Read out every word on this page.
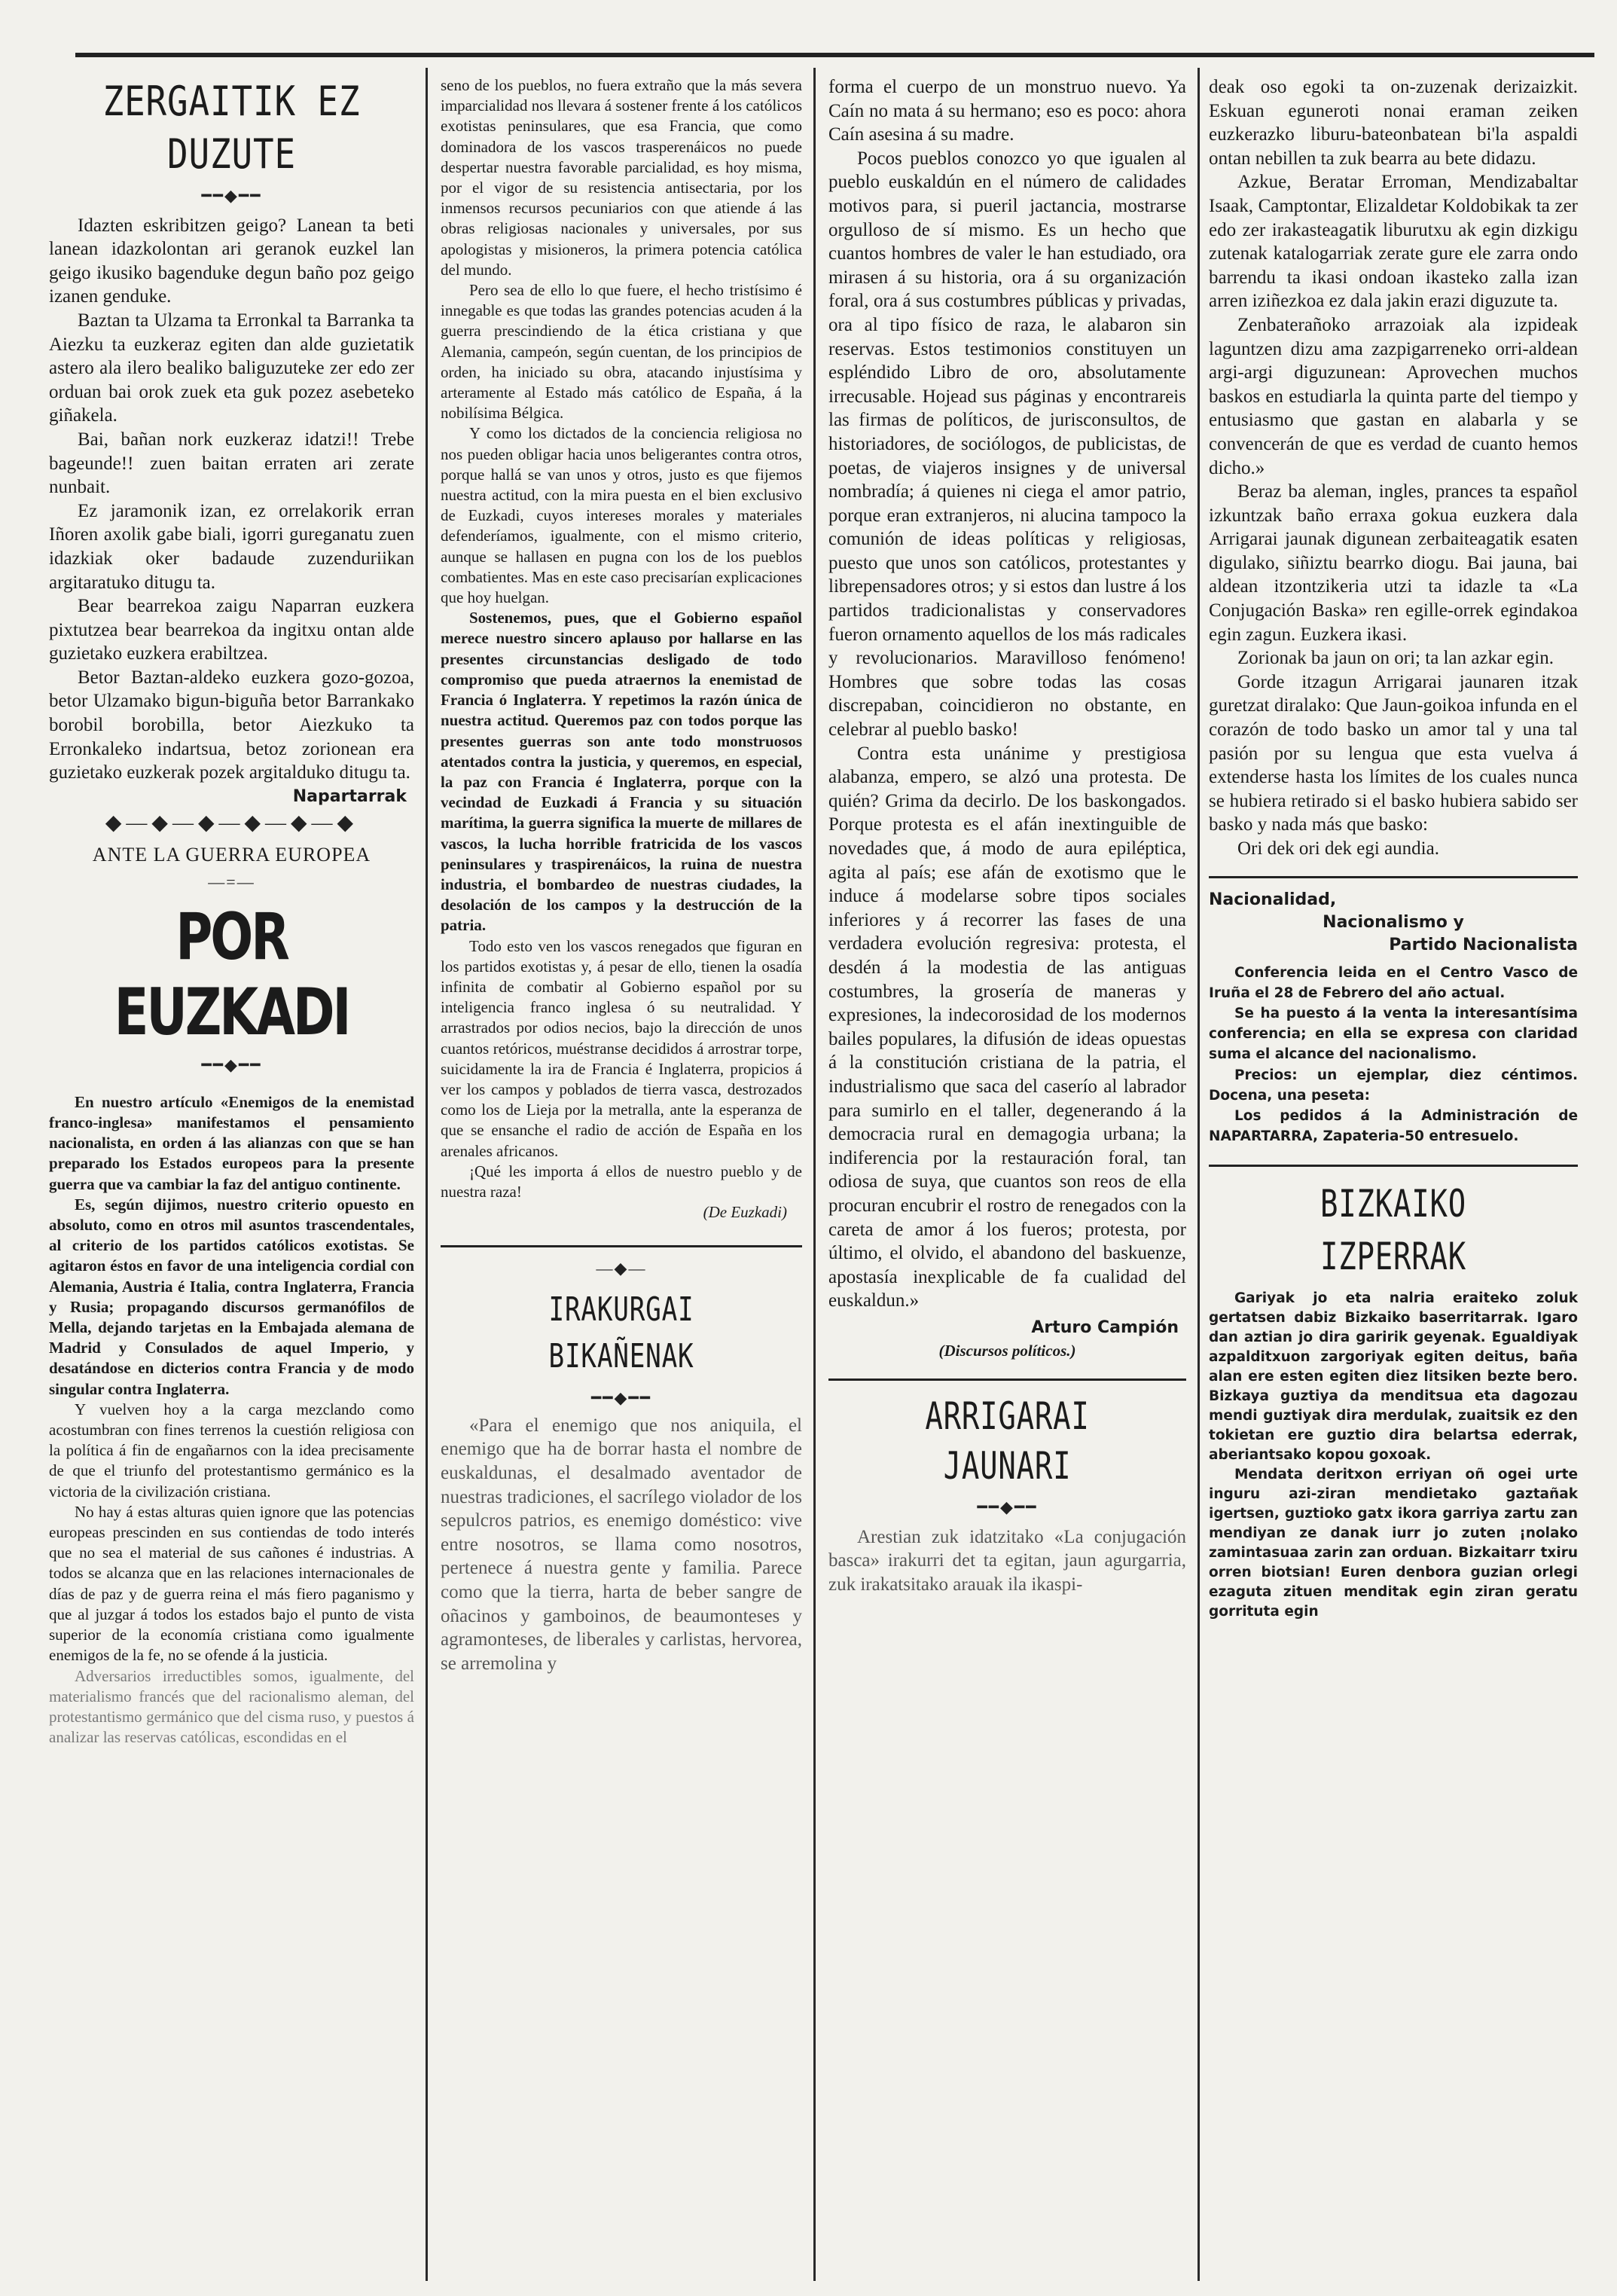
ZERGAITIK EZ DUZUTE
━━◆━━

Idazten eskribitzen geigo? Lanean ta beti lanean idazkolontan ari geranok euzkel lan geigo ikusiko bagenduke degun baño poz geigo izanen genduke.

Baztan ta Ulzama ta Erronkal ta Barranka ta Aiezku ta euzkeraz egiten dan alde guzietatik astero ala ilero bealiko baliguzuteke zer edo zer orduan bai orok zuek eta guk pozez asebeteko giñakela.

Bai, bañan nork euzkeraz idatzi!! Trebe bageunde!! zuen baitan erraten ari zerate nunbait.

Ez jaramonik izan, ez orrelakorik erran Iñoren axolik gabe biali, igorri gureganatu zuen idazkiak oker badaude zuzenduriikan argitaratuko ditugu ta.

Bear bearrekoa zaigu Naparran euzkera pixtutzea bear bearrekoa da ingitxu ontan alde guzietako euzkera erabiltzea.

Betor Baztan-aldeko euzkera gozo-gozoa, betor Ulzamako bigun-biguña betor Barrankako borobil borobilla, betor Aiezkuko ta Erronkaleko indartsua, betoz zorionean era guzietako euzkerak pozek argitalduko ditugu ta.

Napartarrak
◆—◆—◆—◆—◆—◆
ANTE LA GUERRA EUROPEA
—=—
POR EUZKADI
━━◆━━

En nuestro artículo «Enemigos de la enemistad franco-inglesa» manifestamos el pensamiento nacionalista, en orden á las alianzas con que se han preparado los Estados europeos para la presente guerra que va cambiar la faz del antiguo continente.

Es, según dijimos, nuestro criterio opuesto en absoluto, como en otros mil asuntos trascendentales, al criterio de los partidos católicos exotistas. Se agitaron éstos en favor de una inteligencia cordial con Alemania, Austria é Italia, contra Inglaterra, Francia y Rusia; propagando discursos germanófilos de Mella, dejando tarjetas en la Embajada alemana de Madrid y Consulados de aquel Imperio, y desatándose en dicterios contra Francia y de modo singular contra Inglaterra.

Y vuelven hoy a la carga mezclando como acostumbran con fines terrenos la cuestión religiosa con la política á fin de engañarnos con la idea precisamente de que el triunfo del protestantismo germánico es la victoria de la civilización cristiana.

No hay á estas alturas quien ignore que las potencias europeas prescinden en sus contiendas de todo interés que no sea el material de sus cañones é industrias. A todos se alcanza que en las relaciones internacionales de días de paz y de guerra reina el más fiero paganismo y que al juzgar á todos los estados bajo el punto de vista superior de la economía cristiana como igualmente enemigos de la fe, no se ofende á la justicia.

Adversarios irreductibles somos, igualmente, del materialismo francés que del racionalismo aleman, del protestantismo germánico que del cisma ruso, y puestos á analizar las reservas católicas, escondidas en el

seno de los pueblos, no fuera extraño que la más severa imparcialidad nos llevara á sostener frente á los católicos exotistas peninsulares, que esa Francia, que como dominadora de los vascos trasperenáicos no puede despertar nuestra favorable parcialidad, es hoy misma, por el vigor de su resistencia antisectaria, por los inmensos recursos pecuniarios con que atiende á las obras religiosas nacionales y universales, por sus apologistas y misioneros, la primera potencia católica del mundo.

Pero sea de ello lo que fuere, el hecho tristísimo é innegable es que todas las grandes potencias acuden á la guerra prescindiendo de la ética cristiana y que Alemania, campeón, según cuentan, de los principios de orden, ha iniciado su obra, atacando injustísima y arteramente al Estado más católico de España, á la nobilísima Bélgica.

Y como los dictados de la conciencia religiosa no nos pueden obligar hacia unos beligerantes contra otros, porque hallá se van unos y otros, justo es que fijemos nuestra actitud, con la mira puesta en el bien exclusivo de Euzkadi, cuyos intereses morales y materiales defenderíamos, igualmente, con el mismo criterio, aunque se hallasen en pugna con los de los pueblos combatientes. Mas en este caso precisarían explicaciones que hoy huelgan.

Sostenemos, pues, que el Gobierno español merece nuestro sincero aplauso por hallarse en las presentes circunstancias desligado de todo compromiso que pueda atraernos la enemistad de Francia ó Inglaterra. Y repetimos la razón única de nuestra actitud. Queremos paz con todos porque las presentes guerras son ante todo monstruosos atentados contra la justicia, y queremos, en especial, la paz con Francia é Inglaterra, porque con la vecindad de Euzkadi á Francia y su situación marítima, la guerra significa la muerte de millares de vascos, la lucha horrible fratricida de los vascos peninsulares y traspirenáicos, la ruina de nuestra industria, el bombardeo de nuestras ciudades, la desolación de los campos y la destrucción de la patria.

Todo esto ven los vascos renegados que figuran en los partidos exotistas y, á pesar de ello, tienen la osadía infinita de combatir al Gobierno español por su inteligencia franco inglesa ó su neutralidad. Y arrastrados por odios necios, bajo la dirección de unos cuantos retóricos, muéstranse decididos á arrostrar torpe, suicidamente la ira de Francia é Inglaterra, propicios á ver los campos y poblados de tierra vasca, destrozados como los de Lieja por la metralla, ante la esperanza de que se ensanche el radio de acción de España en los arenales africanos.

¡Qué les importa á ellos de nuestro pueblo y de nuestra raza!

(De Euzkadi)

—◆—
IRAKURGAI BIKAÑENAK
━━◆━━

«Para el enemigo que nos aniquila, el enemigo que ha de borrar hasta el nombre de euskaldunas, el desalmado aventador de nuestras tradiciones, el sacrílego violador de los sepulcros patrios, es enemigo doméstico: vive entre nosotros, se llama como nosotros, pertenece á nuestra gente y familia. Parece como que la tierra, harta de beber sangre de oñacinos y gamboinos, de beaumonteses y agramonteses, de liberales y carlistas, hervorea, se arremolina y

forma el cuerpo de un monstruo nuevo. Ya Caín no mata á su hermano; eso es poco: ahora Caín asesina á su madre.

Pocos pueblos conozco yo que igualen al pueblo euskaldún en el número de calidades motivos para, si pueril jactancia, mostrarse orgulloso de sí mismo. Es un hecho que cuantos hombres de valer le han estudiado, ora mirasen á su historia, ora á su organización foral, ora á sus costumbres públicas y privadas, ora al tipo físico de raza, le alabaron sin reservas. Estos testimonios constituyen un espléndido Libro de oro, absolutamente irrecusable. Hojead sus páginas y encontrareis las firmas de políticos, de jurisconsultos, de historiadores, de sociólogos, de publicistas, de poetas, de viajeros insignes y de universal nombradía; á quienes ni ciega el amor patrio, porque eran extranjeros, ni alucina tampoco la comunión de ideas políticas y religiosas, puesto que unos son católicos, protestantes y librepensadores otros; y si estos dan lustre á los partidos tradicionalistas y conservadores fueron ornamento aquellos de los más radicales y revolucionarios. Maravilloso fenómeno! Hombres que sobre todas las cosas discrepaban, coincidieron no obstante, en celebrar al pueblo basko!

Contra esta unánime y prestigiosa alabanza, empero, se alzó una protesta. De quién? Grima da decirlo. De los baskongados. Porque protesta es el afán inextinguible de novedades que, á modo de aura epiléptica, agita al país; ese afán de exotismo que le induce á modelarse sobre tipos sociales inferiores y á recorrer las fases de una verdadera evolución regresiva: protesta, el desdén á la modestia de las antiguas costumbres, la grosería de maneras y expresiones, la indecorosidad de los modernos bailes populares, la difusión de ideas opuestas á la constitución cristiana de la patria, el industrialismo que saca del caserío al labrador para sumirlo en el taller, degenerando á la democracia rural en demagogia urbana; la indiferencia por la restauración foral, tan odiosa de suya, que cuantos son reos de ella procuran encubrir el rostro de renegados con la careta de amor á los fueros; protesta, por último, el olvido, el abandono del baskuenze, apostasía inexplicable de fa cualidad del euskaldun.»

Arturo Campión
(Discursos políticos.)
ARRIGARAI JAUNARI
━━◆━━

Arestian zuk idatzitako «La conjugación basca» irakurri det ta egitan, jaun agurgarria, zuk irakatsitako arauak ila ikaspi-

deak oso egoki ta on-zuzenak derizaizkit. Eskuan eguneroti nonai eraman zeiken euzkerazko liburu-bateonbatean bi'la aspaldi ontan nebillen ta zuk bearra au bete didazu.

Azkue, Beratar Erroman, Mendizabaltar Isaak, Camptontar, Elizaldetar Koldobikak ta zer edo zer irakasteagatik liburutxu ak egin dizkigu zutenak katalogarriak zerate gure ele zarra ondo barrendu ta ikasi ondoan ikasteko zalla izan arren iziñezkoa ez dala jakin erazi diguzute ta.

Zenbaterañoko arrazoiak ala izpideak laguntzen dizu ama zazpigarreneko orri-aldean argi-argi diguzunean: Aprovechen muchos baskos en estudiarla la quinta parte del tiempo y entusiasmo que gastan en alabarla y se convencerán de que es verdad de cuanto hemos dicho.»

Beraz ba aleman, ingles, prances ta español izkuntzak baño erraxa gokua euzkera dala Arrigarai jaunak digunean zerbaiteagatik esaten digulako, siñiztu bearrko diogu. Bai jauna, bai aldean itzontzikeria utzi ta idazle ta «La Conjugación Baska» ren egille-orrek egindakoa egin zagun. Euzkera ikasi.

Zorionak ba jaun on ori; ta lan azkar egin.

Gorde itzagun Arrigarai jaunaren itzak guretzat diralako: Que Jaun-goikoa infunda en el corazón de todo basko un amor tal y una tal pasión por su lengua que esta vuelva á extenderse hasta los límites de los cuales nunca se hubiera retirado si el basko hubiera sabido ser basko y nada más que basko:

Ori dek ori dek egi aundia.

Nacionalidad,
Nacionalismo y
Partido Nacionalista

Conferencia leida en el Centro Vasco de Iruña el 28 de Febrero del año actual.

Se ha puesto á la venta la interesantísima conferencia; en ella se expresa con claridad suma el alcance del nacionalismo.

Precios: un ejemplar, diez céntimos. Docena, una peseta:

Los pedidos á la Administración de NAPARTARRA, Zapateria-50 entresuelo.

BIZKAIKO IZPERRAK

Gariyak jo eta nalria eraiteko zoluk gertatsen dabiz Bizkaiko baserritarrak. Igaro dan aztian jo dira garirik geyenak. Egualdiyak azpalditxuon zargoriyak egiten deitus, baña alan ere esten egiten diez litsiken bezte bero. Bizkaya guztiya da menditsua eta dagozau mendi guztiyak dira merdulak, zuaitsik ez den tokietan ere guztio dira belartsa ederrak, aberiantsako kopou goxoak.

Mendata deritxon erriyan oñ ogei urte inguru azi-ziran mendietako gaztañak igertsen, guztioko gatx ikora garriya zartu zan mendiyan ze danak iurr jo zuten ¡nolako zamintasuaa zarin zan orduan. Bizkaitarr txiru orren biotsian! Euren denbora guzian orlegi ezaguta zituen menditak egin ziran geratu gorrituta egin
